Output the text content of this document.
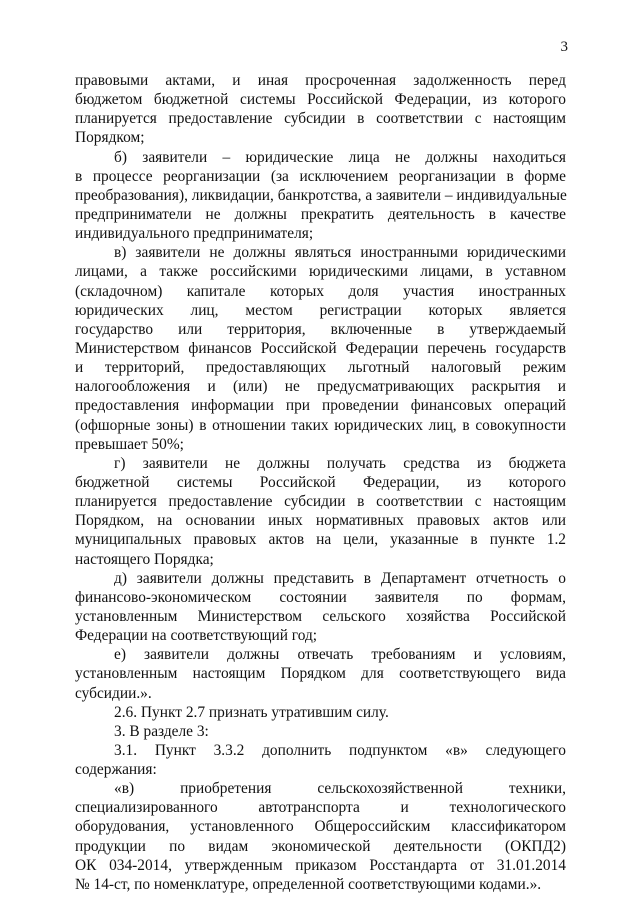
3
правовыми актами, и иная просроченная задолженность перед
бюджетом бюджетной системы Российской Федерации, из которого
планируется предоставление субсидии в соответствии с настоящим
Порядком;
б) заявители – юридические лица не должны находиться
в процессе реорганизации (за исключением реорганизации в форме
преобразования), ликвидации, банкротства, а заявители – индивидуальные
предприниматели не должны прекратить деятельность в качестве
индивидуального предпринимателя;
в) заявители не должны являться иностранными юридическими
лицами, а также российскими юридическими лицами, в уставном
(складочном) капитале которых доля участия иностранных
юридических лиц, местом регистрации которых является
государство или территория, включенные в утверждаемый
Министерством финансов Российской Федерации перечень государств
и территорий, предоставляющих льготный налоговый режим
налогообложения и (или) не предусматривающих раскрытия и
предоставления информации при проведении финансовых операций
(офшорные зоны) в отношении таких юридических лиц, в совокупности
превышает 50%;
г) заявители не должны получать средства из бюджета
бюджетной системы Российской Федерации, из которого
планируется предоставление субсидии в соответствии с настоящим
Порядком, на основании иных нормативных правовых актов или
муниципальных правовых актов на цели, указанные в пункте 1.2
настоящего Порядка;
д) заявители должны представить в Департамент отчетность о
финансово-экономическом состоянии заявителя по формам,
установленным Министерством сельского хозяйства Российской
Федерации на соответствующий год;
е) заявители должны отвечать требованиям и условиям,
установленным настоящим Порядком для соответствующего вида
субсидии.».
2.6. Пункт 2.7 признать утратившим силу.
3. В разделе 3:
3.1. Пункт 3.3.2 дополнить подпунктом «в» следующего
содержания:
«в) приобретения сельскохозяйственной техники,
специализированного автотранспорта и технологического
оборудования, установленного Общероссийским классификатором
продукции по видам экономической деятельности (ОКПД2)
ОК 034-2014, утвержденным приказом Росстандарта от 31.01.2014
№ 14-ст, по номенклатуре, определенной соответствующими кодами.».
